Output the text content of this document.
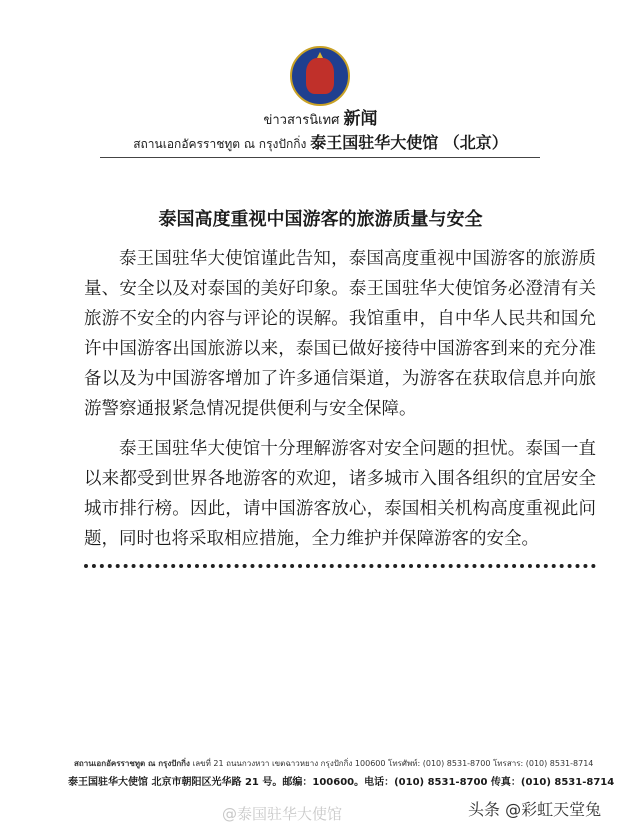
ข่าวสารนิเทศ 新闻
สถานเอกอัครราชทูต ณ กรุงปักกิ่ง 泰王国驻华大使馆 （北京）
泰国高度重视中国游客的旅游质量与安全

泰王国驻华大使馆谨此告知，泰国高度重视中国游客的旅游质量、安全以及对泰国的美好印象。泰王国驻华大使馆务必澄清有关旅游不安全的内容与评论的误解。我馆重申，自中华人民共和国允许中国游客出国旅游以来，泰国已做好接待中国游客到来的充分准备以及为中国游客增加了许多通信渠道，为游客在获取信息并向旅游警察通报紧急情况提供便利与安全保障。

泰王国驻华大使馆十分理解游客对安全问题的担忧。泰国一直以来都受到世界各地游客的欢迎，诸多城市入围各组织的宜居安全城市排行榜。因此，请中国游客放心，泰国相关机构高度重视此问题，同时也将采取相应措施，全力维护并保障游客的安全。

สถานเอกอัครราชทูต ณ กรุงปักกิ่ง เลขที่ 21 ถนนกวงหวา เขตฉาวหยาง กรุงปักกิ่ง 100600 โทรศัพท์: (010) 8531-8700 โทรสาร: (010) 8531-8714
泰王国驻华大使馆 北京市朝阳区光华路 21 号。邮编：100600。电话：(010) 8531-8700 传真：(010) 8531-8714
@泰国驻华大使馆	头条 @彩虹天堂兔
